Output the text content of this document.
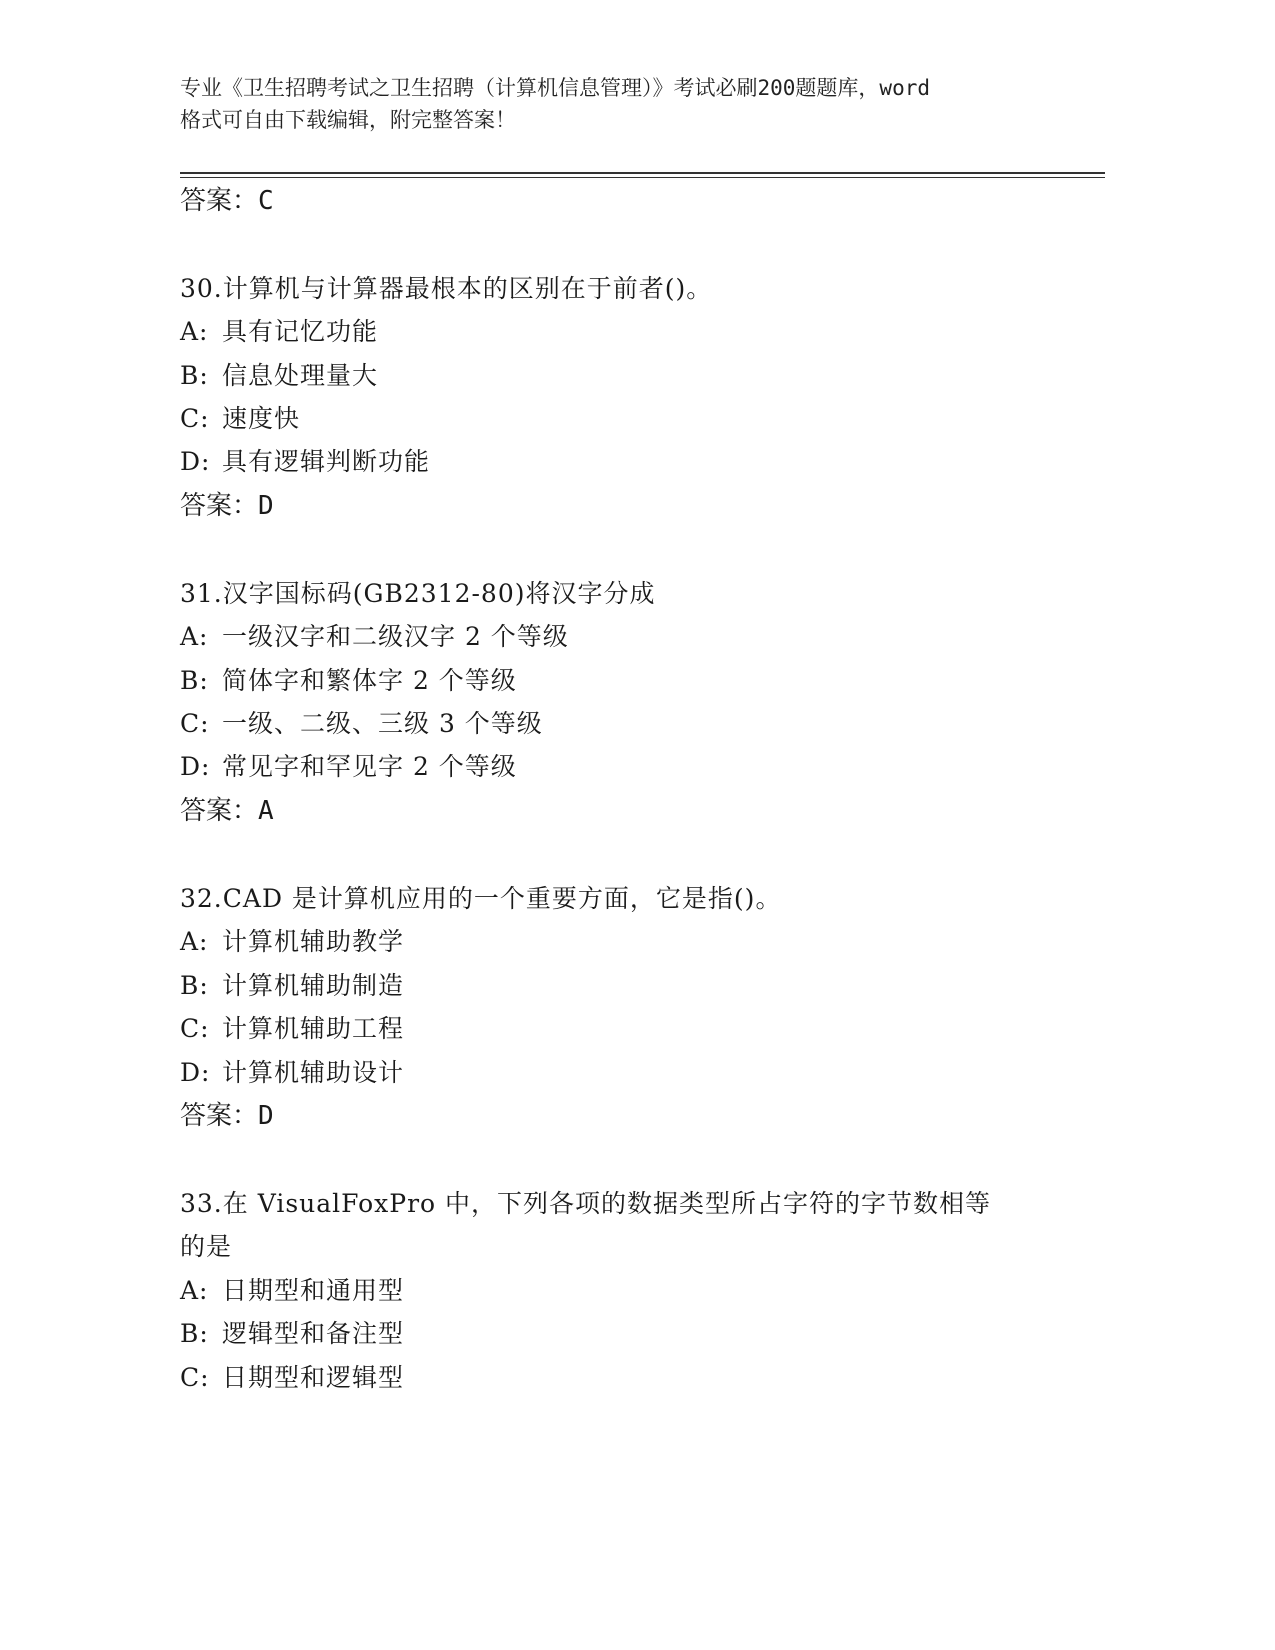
专业《卫生招聘考试之卫生招聘（计算机信息管理）》考试必刷200题题库，word
格式可自由下载编辑，附完整答案！
答案：C
30.计算机与计算器最根本的区别在于前者()。
A: 具有记忆功能
B: 信息处理量大
C: 速度快
D: 具有逻辑判断功能
答案：D
31.汉字国标码(GB2312-80)将汉字分成
A: 一级汉字和二级汉字 2 个等级
B: 简体字和繁体字 2 个等级
C: 一级、二级、三级 3 个等级
D: 常见字和罕见字 2 个等级
答案：A
32.CAD 是计算机应用的一个重要方面，它是指()。
A: 计算机辅助教学
B: 计算机辅助制造
C: 计算机辅助工程
D: 计算机辅助设计
答案：D
33.在 VisualFoxPro 中，下列各项的数据类型所占字符的字节数相等
的是
A: 日期型和通用型
B: 逻辑型和备注型
C: 日期型和逻辑型
